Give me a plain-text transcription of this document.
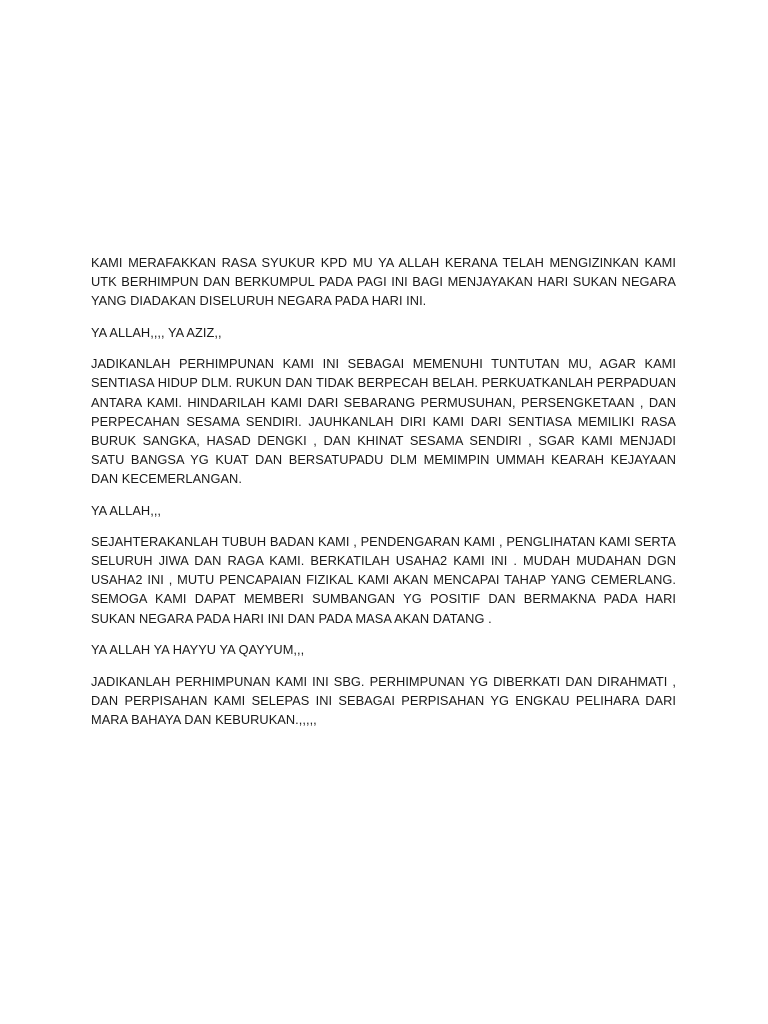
KAMI MERAFAKKAN RASA SYUKUR KPD MU YA ALLAH KERANA TELAH MENGIZINKAN KAMI UTK BERHIMPUN DAN BERKUMPUL PADA PAGI INI BAGI MENJAYAKAN HARI SUKAN NEGARA YANG DIADAKAN DISELURUH NEGARA PADA HARI INI.

YA ALLAH,,,, YA AZIZ,,

JADIKANLAH PERHIMPUNAN KAMI INI SEBAGAI MEMENUHI TUNTUTAN MU, AGAR KAMI SENTIASA HIDUP DLM. RUKUN DAN TIDAK BERPECAH BELAH. PERKUATKANLAH PERPADUAN ANTARA KAMI. HINDARILAH KAMI DARI SEBARANG PERMUSUHAN, PERSENGKETAAN , DAN PERPECAHAN SESAMA SENDIRI. JAUHKANLAH DIRI KAMI DARI SENTIASA MEMILIKI RASA BURUK SANGKA, HASAD DENGKI , DAN KHINAT SESAMA SENDIRI , SGAR KAMI MENJADI SATU BANGSA YG KUAT DAN BERSATUPADU DLM MEMIMPIN UMMAH KEARAH KEJAYAAN DAN KECEMERLANGAN.

YA ALLAH,,,

SEJAHTERAKANLAH TUBUH BADAN KAMI , PENDENGARAN KAMI , PENGLIHATAN KAMI SERTA SELURUH JIWA DAN RAGA KAMI. BERKATILAH USAHA2 KAMI INI . MUDAH MUDAHAN DGN USAHA2 INI , MUTU PENCAPAIAN FIZIKAL KAMI AKAN MENCAPAI TAHAP YANG CEMERLANG. SEMOGA KAMI DAPAT MEMBERI SUMBANGAN YG POSITIF DAN BERMAKNA PADA HARI SUKAN NEGARA PADA HARI INI DAN PADA MASA AKAN DATANG .

YA ALLAH YA HAYYU YA QAYYUM,,,

JADIKANLAH PERHIMPUNAN KAMI INI SBG. PERHIMPUNAN YG DIBERKATI DAN DIRAHMATI , DAN PERPISAHAN KAMI SELEPAS INI SEBAGAI PERPISAHAN YG ENGKAU PELIHARA DARI MARA BAHAYA DAN KEBURUKAN.,,,,,
